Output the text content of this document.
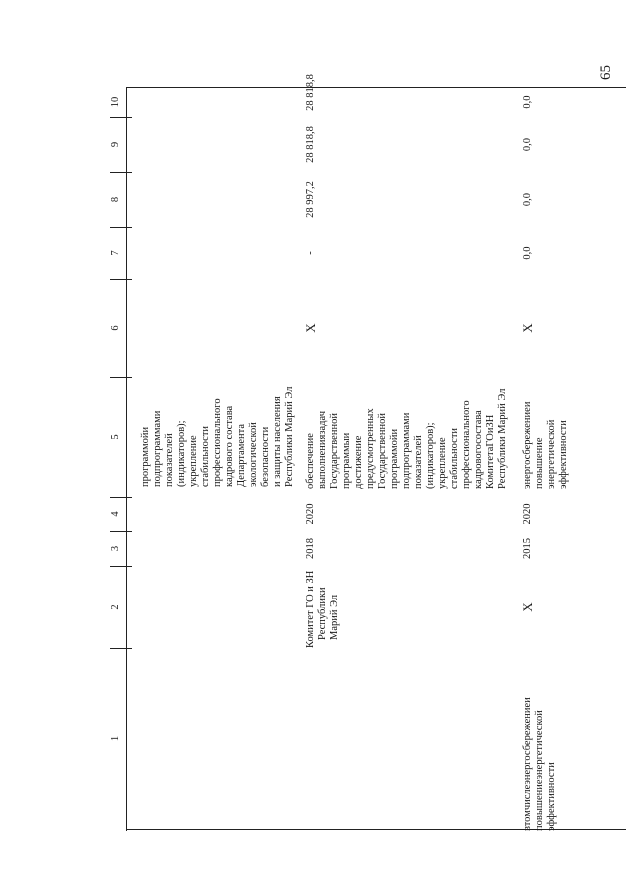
65
1
2
3
4
5
6
7
8
9
10
программойи подпрограммами показателей (индикаторов); укрепление стабильности профессионального кадрового состава Департамента экологической безопасности и защиты населения Республики Марий Эл
Комитет ГО и ЗН Республики Марий Эл
2018
2020
обеспечение выполнениязадач Государственной программыи
достижение предусмотренных Государственной программойи подпрограммами показателей (индикаторов); укрепление стабильности профессионального кадровогосостава
КомитетаГОиЗН Республики Марий Эл
X
-
28 997,2
28 818,8
28 818,8
втомчислеэнергосбережениеи
повышениеэнергетической
эффективности
X
2015
2020
энергосбережениеи
повышение энергетической эффективности
X
0,0
0,0
0,0
0,0
